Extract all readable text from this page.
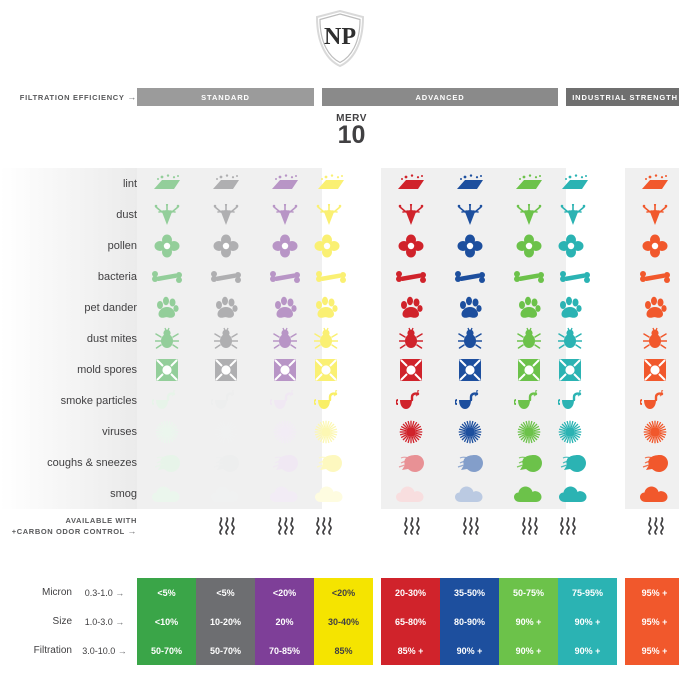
NP
FILTRATION EFFICIENCY →	STANDARD				ADVANCED					INDUSTRIAL STRENGTH	

MERV
6

MERV
7

MERV
8

MERV
10

MERV
11

MERV
12

MERV
13

MERV
14

MERV
15+
lint	

dust	

pollen	

bacteria	

pet dander	

dust mites	

mold spores	

smoke particles	

viruses	

coughs & sneezes	

smog	

AVAILABLE WITH
+CARBON ODOR CONTROL →		

Micron	0.3-1.0 →	<5%	<5%	<20%	<20%		20-30%	35-50%	50-75%	75-95%		95% +
Size	1.0-3.0 →	<10%	10-20%	20%	30-40%		65-80%	80-90%	90% +	90% +		95% +
Filtration	3.0-10.0 →	50-70%	50-70%	70-85%	85%		85% +	90% +	90% +	90% +		95% +
